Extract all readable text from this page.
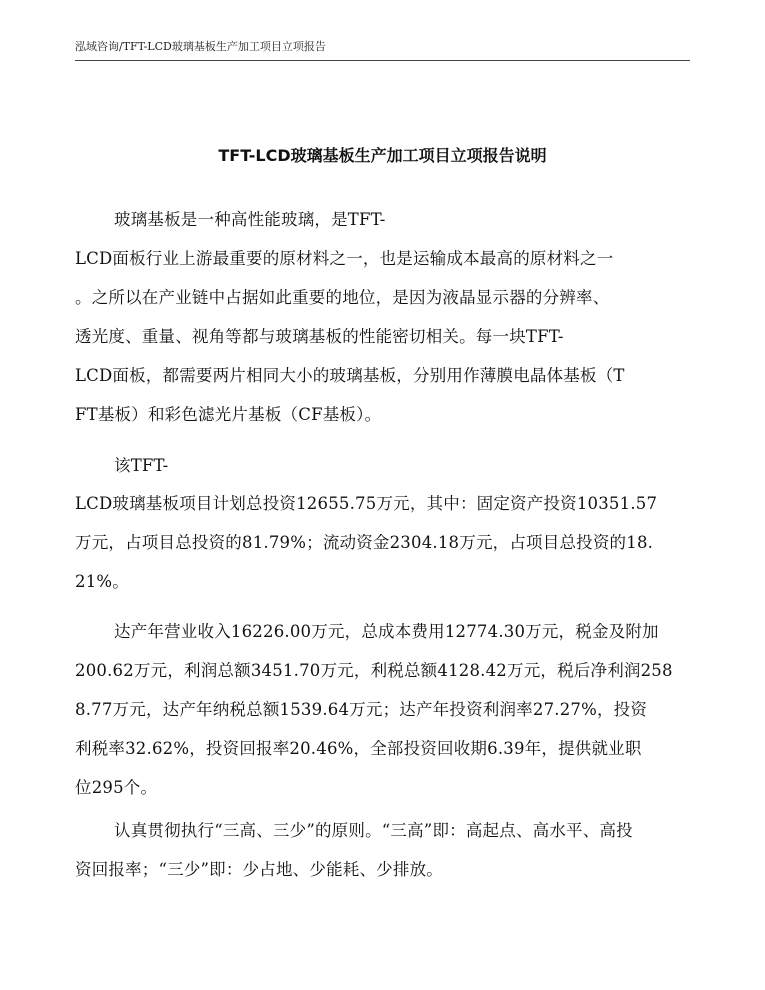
泓域咨询/TFT-LCD玻璃基板生产加工项目立项报告
TFT-LCD玻璃基板生产加工项目立项报告说明
玻璃基板是一种高性能玻璃，是TFT-
LCD面板行业上游最重要的原材料之一，也是运输成本最高的原材料之一
。之所以在产业链中占据如此重要的地位，是因为液晶显示器的分辨率、
透光度、重量、视角等都与玻璃基板的性能密切相关。每一块TFT-
LCD面板，都需要两片相同大小的玻璃基板，分别用作薄膜电晶体基板（T
FT基板）和彩色滤光片基板（CF基板）。
该TFT-
LCD玻璃基板项目计划总投资12655.75万元，其中：固定资产投资10351.57
万元，占项目总投资的81.79%；流动资金2304.18万元，占项目总投资的18.
21%。
达产年营业收入16226.00万元，总成本费用12774.30万元，税金及附加
200.62万元，利润总额3451.70万元，利税总额4128.42万元，税后净利润258
8.77万元，达产年纳税总额1539.64万元；达产年投资利润率27.27%，投资
利税率32.62%，投资回报率20.46%，全部投资回收期6.39年，提供就业职
位295个。
认真贯彻执行“三高、三少”的原则。“三高”即：高起点、高水平、高投
资回报率；“三少”即：少占地、少能耗、少排放。
